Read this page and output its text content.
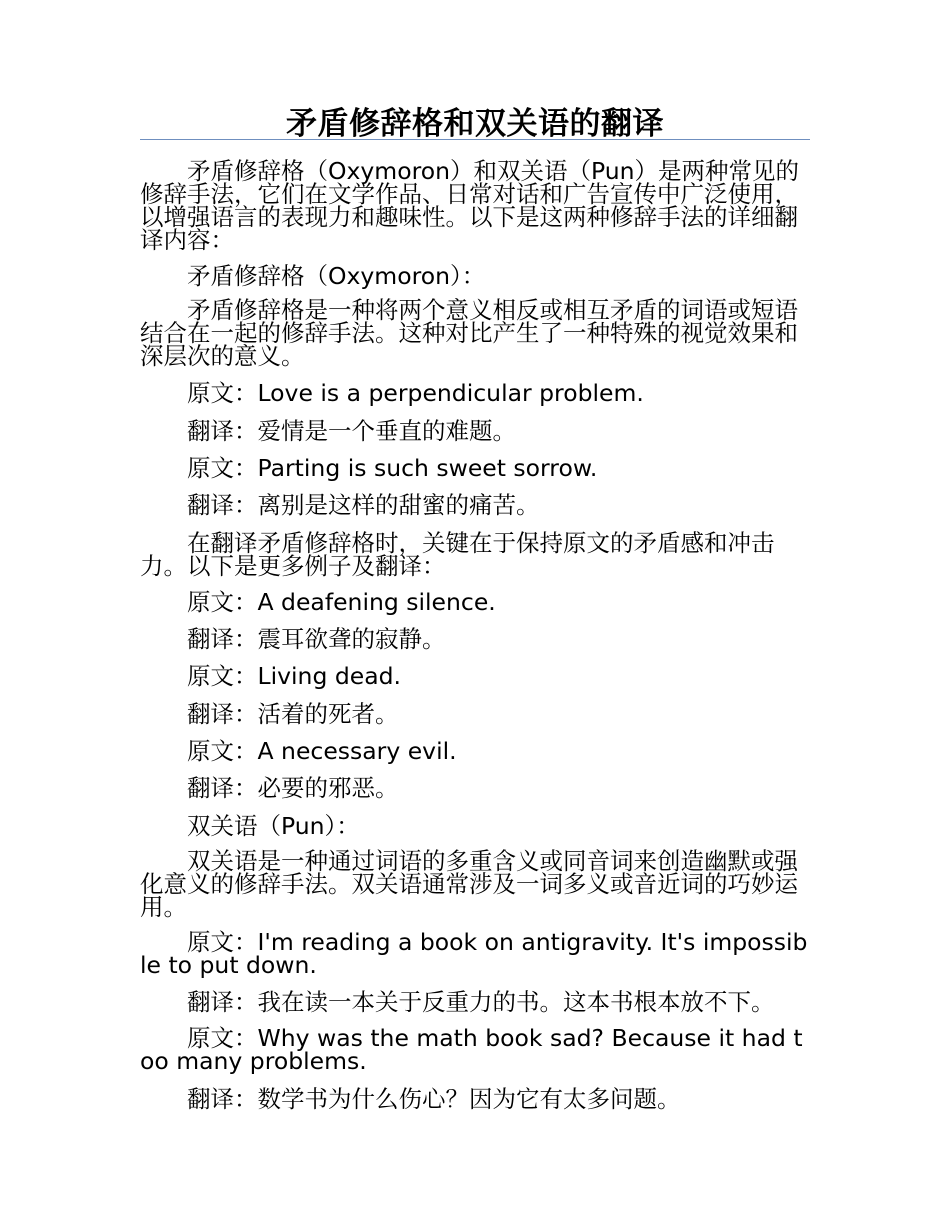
矛盾修辞格和双关语的翻译
矛盾修辞格（Oxymoron）和双关语（Pun）是两种常见的修辞手法，它们在文学作品、日常对话和广告宣传中广泛使用，以增强语言的表现力和趣味性。以下是这两种修辞手法的详细翻译内容：
矛盾修辞格（Oxymoron）：
矛盾修辞格是一种将两个意义相反或相互矛盾的词语或短语结合在一起的修辞手法。这种对比产生了一种特殊的视觉效果和深层次的意义。
原文：Love is a perpendicular problem.
翻译：爱情是一个垂直的难题。
原文：Parting is such sweet sorrow.
翻译：离别是这样的甜蜜的痛苦。
在翻译矛盾修辞格时，关键在于保持原文的矛盾感和冲击力。以下是更多例子及翻译：
原文：A deafening silence.
翻译：震耳欲聋的寂静。
原文：Living dead.
翻译：活着的死者。
原文：A necessary evil.
翻译：必要的邪恶。
双关语（Pun）：
双关语是一种通过词语的多重含义或同音词来创造幽默或强化意义的修辞手法。双关语通常涉及一词多义或音近词的巧妙运用。
原文：I'm reading a book on antigravity. It's impossible to put down.
翻译：我在读一本关于反重力的书。这本书根本放不下。
原文：Why was the math book sad? Because it had too many problems.
翻译：数学书为什么伤心？因为它有太多问题。
